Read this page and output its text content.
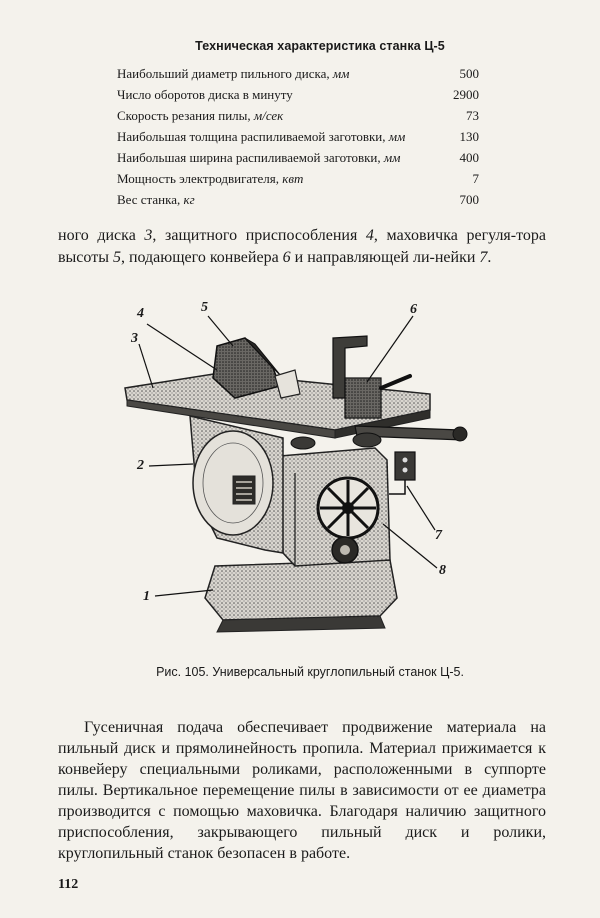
Техническая характеристика станка Ц-5
Наибольший диаметр пильного диска, мм	500
Число оборотов диска в минуту	2900
Скорость резания пилы, м/сек	73
Наибольшая толщина распиливаемой заготовки, мм	130
Наибольшая ширина распиливаемой заготовки, мм	400
Мощность электродвигателя, квт	7
Вес станка, кг	700

ного диска 3, защитного приспособления 4, маховичка регуля-тора высоты 5, подающего конвейера 6 и направляющей ли-нейки 7.

1
2
3
4	5	6
7
8
Рис. 105. Универсальный круглопильный станок Ц-5.

Гусеничная подача обеспечивает продвижение материала на пильный диск и прямолинейность пропила. Материал прижимается к конвейеру специальными роликами, расположенными в суппорте пилы. Вертикальное перемещение пилы в зависимости от ее диаметра производится с помощью маховичка. Благодаря наличию защитного приспособления, закрывающего пильный диск и ролики, круглопильный станок безопасен в работе.

112
